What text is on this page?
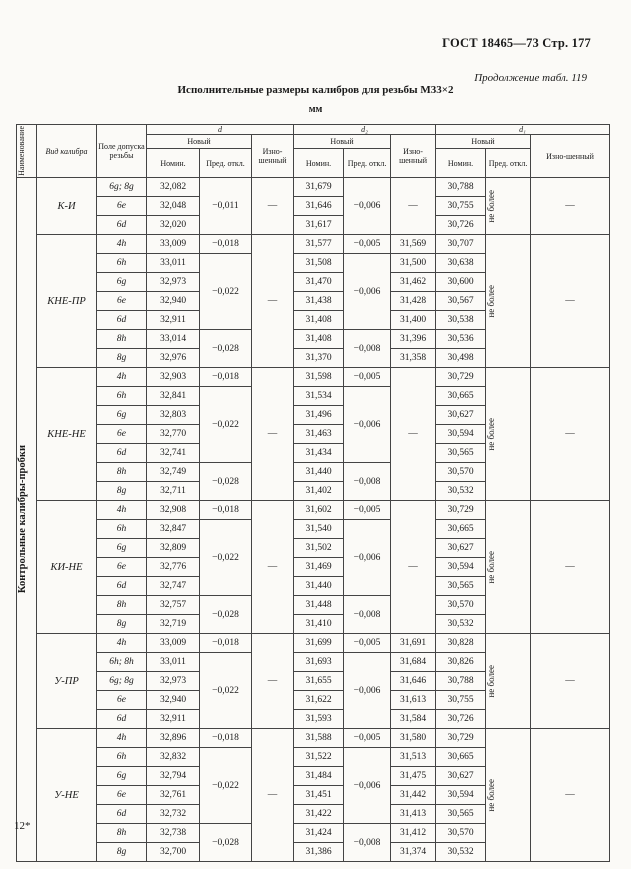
ГОСТ 18465—73 Стр. 177
Продолжение табл. 119
Исполнительные размеры калибров для резьбы М33×2
мм
Наименование	Вид калибра	Поле допуска резьбы	d			d₂			d₁		
			Новый		Изно-шенный	Новый		Изно-шенный	Новый		Изно-шенный
			Номин.	Пред. откл.		Номин.	Пред. откл.		Номин.	Пред. откл.	

Контрольные калибры-пробки	К-И	6g; 8g	32,082	−0,011	—	31,679	−0,006	—	30,788	не более	—
		6e	32,048			31,646			30,755		
		6d	32,020			31,617			30,726		
	КНЕ-ПР	4h	33,009	−0,018	—	31,577	−0,005	31,569	30,707	не более	—
		6h	33,011	−0,022		31,508	−0,006	31,500	30,638		
		6g	32,973			31,470		31,462	30,600		
		6e	32,940			31,438		31,428	30,567		
		6d	32,911			31,408		31,400	30,538		
		8h	33,014	−0,028		31,408	−0,008	31,396	30,536		
		8g	32,976			31,370		31,358	30,498		
	КНЕ-НЕ	4h	32,903	−0,018	—	31,598	−0,005	—	30,729	не более	—
		6h	32,841	−0,022		31,534	−0,006		30,665		
		6g	32,803			31,496			30,627		
		6e	32,770			31,463			30,594		
		6d	32,741			31,434			30,565		
		8h	32,749	−0,028		31,440	−0,008		30,570		
		8g	32,711			31,402			30,532		
	КИ-НЕ	4h	32,908	−0,018	—	31,602	−0,005	—	30,729	не более	—
		6h	32,847	−0,022		31,540	−0,006		30,665		
		6g	32,809			31,502			30,627		
		6e	32,776			31,469			30,594		
		6d	32,747			31,440			30,565		
		8h	32,757	−0,028		31,448	−0,008		30,570		
		8g	32,719			31,410			30,532		
	У-ПР	4h	33,009	−0,018	—	31,699	−0,005	31,691	30,828	не более	—
		6h; 8h	33,011	−0,022		31,693	−0,006	31,684	30,826		
		6g; 8g	32,973			31,655		31,646	30,788		
		6e	32,940			31,622		31,613	30,755		
		6d	32,911			31,593		31,584	30,726		
	У-НЕ	4h	32,896	−0,018	—	31,588	−0,005	31,580	30,729	не более	—
		6h	32,832	−0,022		31,522	−0,006	31,513	30,665		
		6g	32,794			31,484		31,475	30,627		
		6e	32,761			31,451		31,442	30,594		
		6d	32,732			31,422		31,413	30,565		
		8h	32,738	−0,028		31,424	−0,008	31,412	30,570		
		8g	32,700			31,386		31,374	30,532		
12*
